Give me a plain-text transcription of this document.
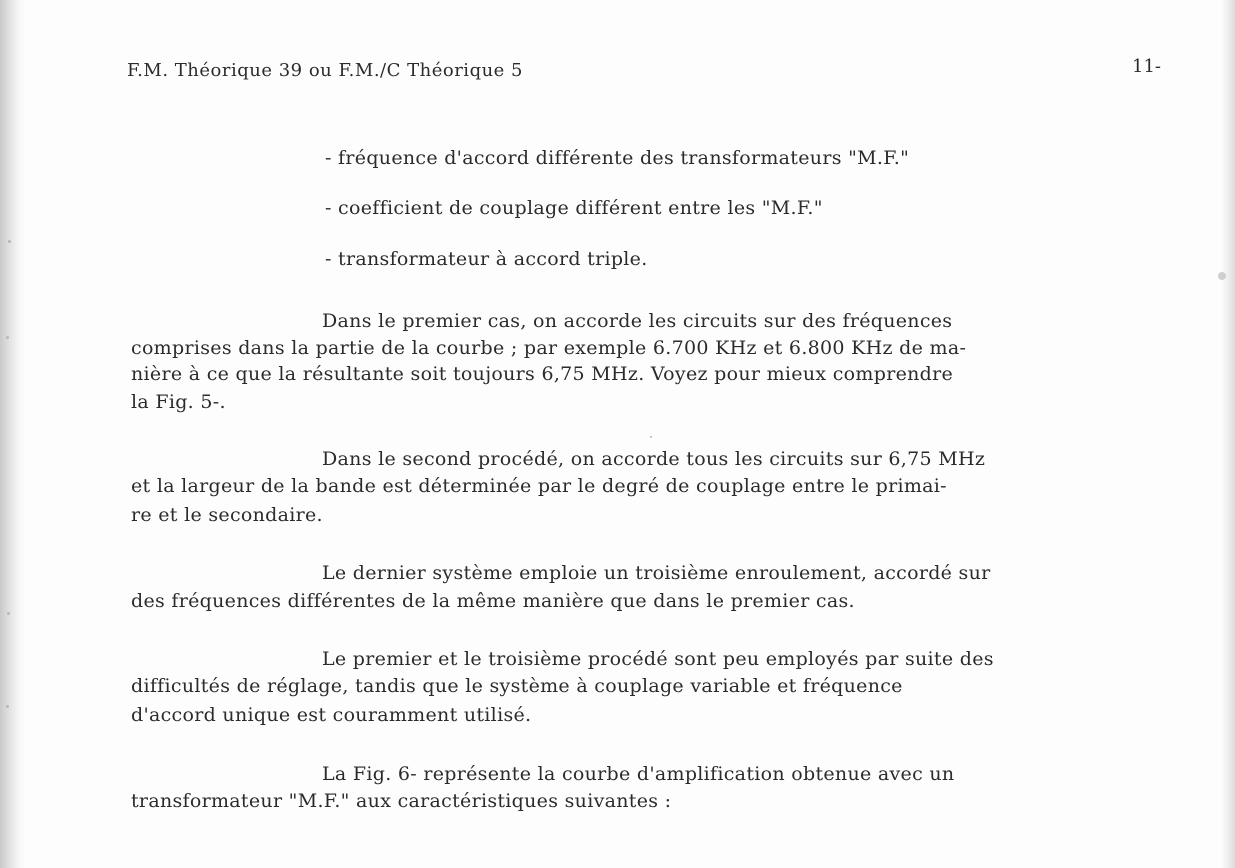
F.M. Théorique 39 ou F.M./C Théorique 5	11-

- fréquence d'accord différente des transformateurs "M.F."

- coefficient de couplage différent entre les "M.F."

- transformateur à accord triple.

Dans le premier cas, on accorde les circuits sur des fréquences

comprises dans la partie de la courbe ; par exemple 6.700 KHz et 6.800 KHz de ma-

nière à ce que la résultante soit toujours 6,75 MHz. Voyez pour mieux comprendre

la Fig. 5-.

Dans le second procédé, on accorde tous les circuits sur 6,75 MHz

et la largeur de la bande est déterminée par le degré de couplage entre le primai-

re et le secondaire.

Le dernier système emploie un troisième enroulement, accordé sur

des fréquences différentes de la même manière que dans le premier cas.

Le premier et le troisième procédé sont peu employés par suite des

difficultés de réglage, tandis que le système à couplage variable et fréquence

d'accord unique est couramment utilisé.

La Fig. 6- représente la courbe d'amplification obtenue avec un

transformateur "M.F." aux caractéristiques suivantes :
